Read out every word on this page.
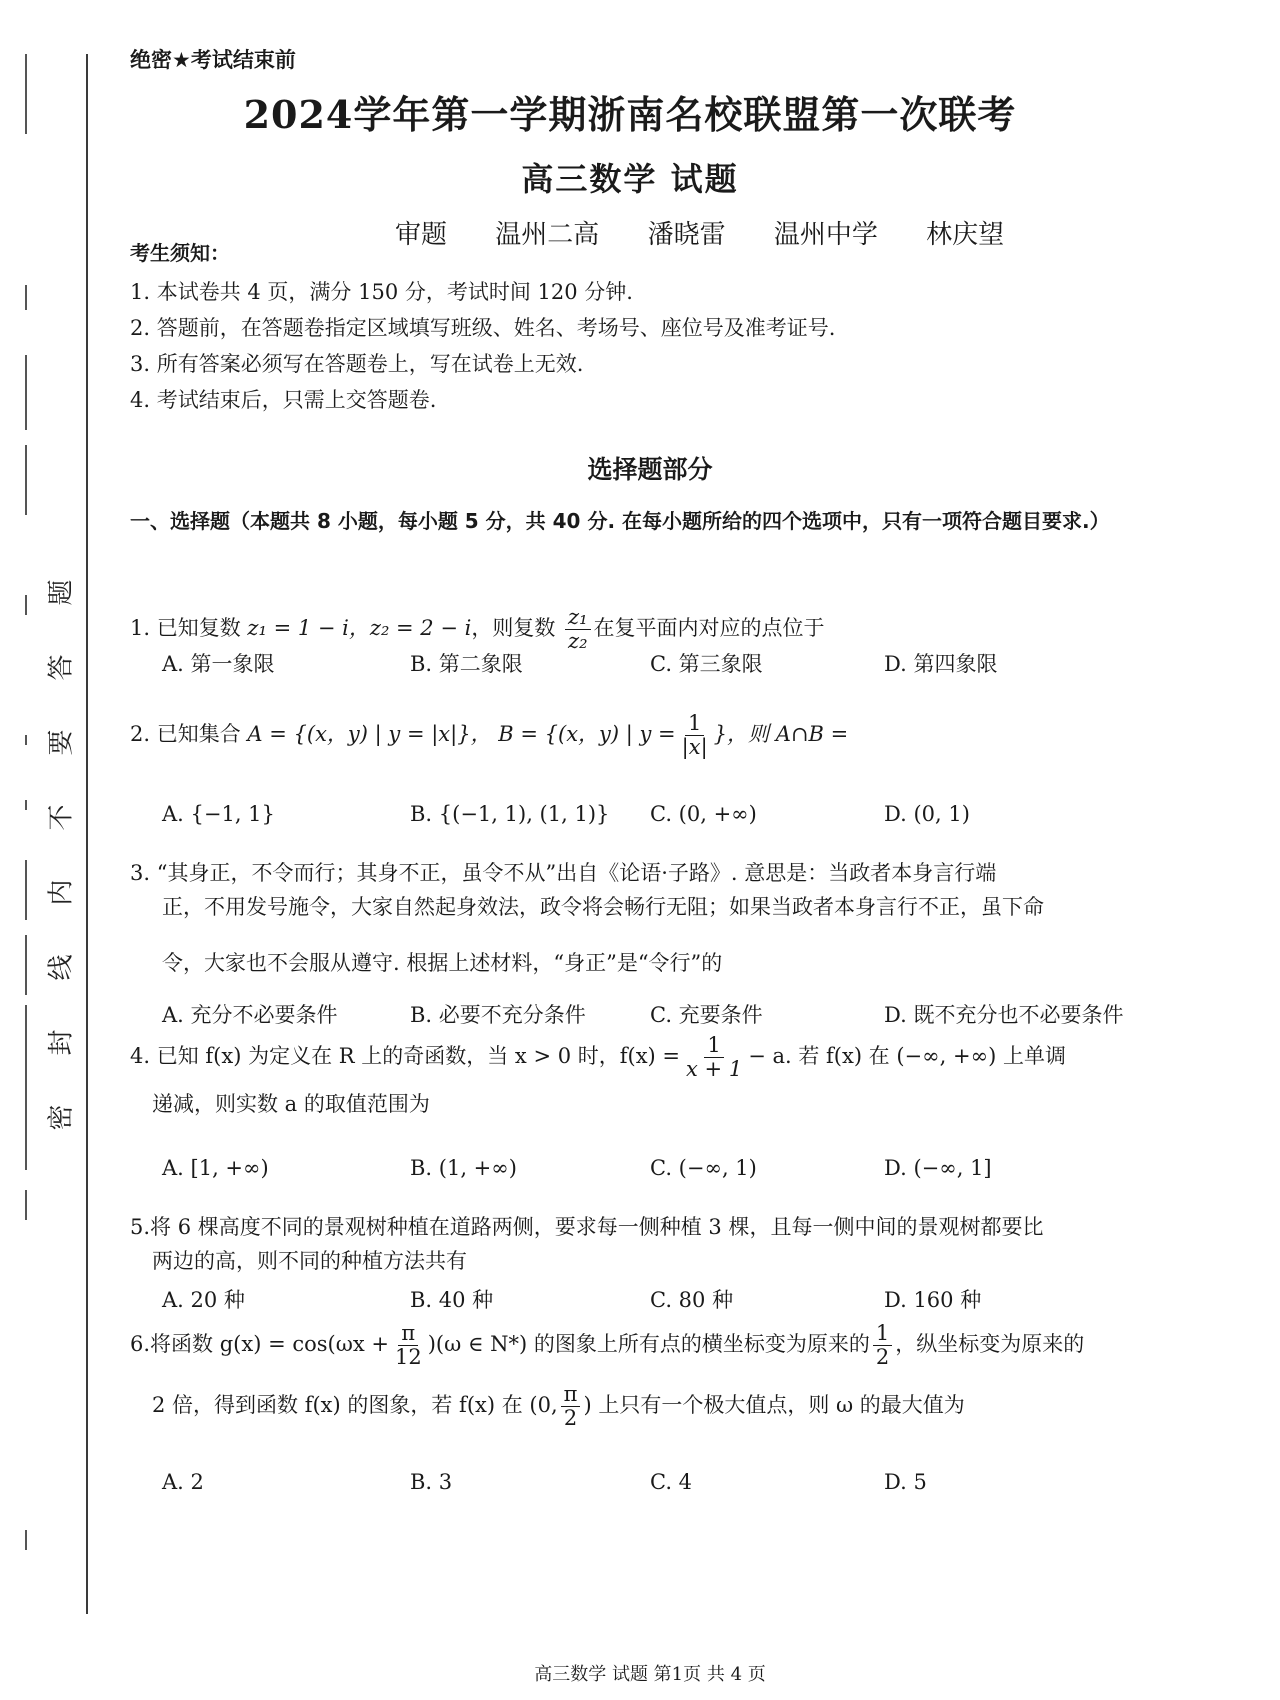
密
封
线
内
不
要
答
题
绝密★考试结束前
2024学年第一学期浙南名校联盟第一次联考
高三数学 试题
审题 温州二高 潘晓雷 温州中学 林庆望
考生须知：
1. 本试卷共 4 页，满分 150 分，考试时间 120 分钟.
2. 答题前，在答题卷指定区域填写班级、姓名、考场号、座位号及准考证号.
3. 所有答案必须写在答题卷上，写在试卷上无效.
4. 考试结束后，只需上交答题卷.
选择题部分
一、选择题（本题共 8 小题，每小题 5 分，共 40 分. 在每小题所给的四个选项中，只有一项符合题目要求.）
1. 已知复数 z₁ = 1 − i，z₂ = 2 − i，则复数 $\frac{\text{z₁}}{\text{z₂}}$ 在复平面内对应的点位于
A. 第一象限	B. 第二象限	C. 第三象限	D. 第四象限
2. 已知集合 A = {(x，y) | y = |x|}， B = {(x，y) | $y = \frac{1}{|x|}$ }，则 A∩B =
A. {−1, 1}	B. {(−1, 1), (1, 1)} C. (0, +∞)	D. (0, 1)
3. “其身正，不令而行；其身不正，虽令不从”出自《论语·子路》. 意思是：当政者本身言行端
正，不用发号施令，大家自然起身效法，政令将会畅行无阻；如果当政者本身言行不正，虽下命
令，大家也不会服从遵守. 根据上述材料，“身正”是“令行”的
A. 充分不必要条件	B. 必要不充分条件	C. 充要条件	D. 既不充分也不必要条件
4. 已知 f(x) 为定义在 R 上的奇函数，当 x > 0 时，$f(x) = \frac{1}{x + 1} - a$. 若 f(x) 在 (−∞, +∞) 上单调
递减，则实数 a 的取值范围为
A. [1, +∞)	B. (1, +∞)	C. (−∞, 1)	D. (−∞, 1]
5.将 6 棵高度不同的景观树种植在道路两侧，要求每一侧种植 3 棵，且每一侧中间的景观树都要比
两边的高，则不同的种植方法共有
A. 20 种	B. 40 种	C. 80 种	D. 160 种
6.将函数 $g(x) = \cos(\omega x + \frac{\pi}{12} )(\omega$ ∈ N*) 的图象上所有点的横坐标变为原来的 $\frac{1}{2}$ ，纵坐标变为原来的
2 倍，得到函数 f(x) 的图象，若 f(x) 在 (0, $\frac{\pi}{2}$ ) 上只有一个极大值点，则 ω 的最大值为
A. 2	B. 3	C. 4	D. 5
高三数学 试题 第1页 共 4 页
